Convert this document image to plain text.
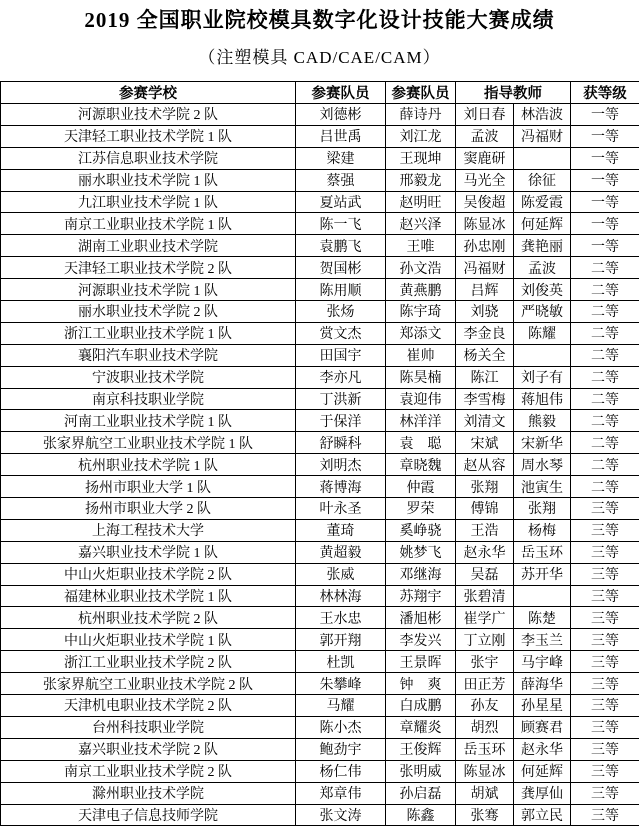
2019 全国职业院校模具数字化设计技能大赛成绩
（注塑模具 CAD/CAE/CAM）
参赛学校	参赛队员	参赛队员	指导教师		获等级
河源职业技术学院 2 队	刘德彬	薛诗丹	刘日春	林浩波	一等
天津轻工职业技术学院 1 队	吕世禹	刘江龙	孟波	冯福财	一等
江苏信息职业技术学院	梁建	王现坤	窦鹿研		一等
丽水职业技术学院 1 队	蔡强	邢毅龙	马光全	徐征	一等
九江职业技术学院 1 队	夏站武	赵明旺	吴俊超	陈爱霞	一等
南京工业职业技术学院 1 队	陈一飞	赵兴泽	陈显冰	何延辉	一等
湖南工业职业技术学院	袁鹏飞	王唯	孙忠刚	龚艳丽	一等
天津轻工职业技术学院 2 队	贺国彬	孙文浩	冯福财	孟波	二等
河源职业技术学院 1 队	陈用顺	黄燕鹏	吕辉	刘俊英	二等
丽水职业技术学院 2 队	张炀	陈宇琦	刘骁	严晓敏	二等
浙江工业职业技术学院 1 队	赏文杰	郑添文	李金良	陈耀	二等
襄阳汽车职业技术学院	田国宇	崔帅	杨关全		二等
宁波职业技术学院	李亦凡	陈昊楠	陈江	刘子有	二等
南京科技职业学院	丁洪新	袁迎伟	李雪梅	蒋旭伟	二等
河南工业职业技术学院 1 队	于保洋	林洋洋	刘清文	熊毅	二等
张家界航空工业职业技术学院 1 队	舒瞬科	袁　聪	宋斌	宋新华	二等
杭州职业技术学院 1 队	刘明杰	章晓魏	赵从容	周水琴	二等
扬州市职业大学 1 队	蒋博海	仲霞	张翔	池寅生	二等
扬州市职业大学 2 队	叶永圣	罗荣	傅锦	张翔	三等
上海工程技术大学	董琦	奚峥骁	王浩	杨梅	三等
嘉兴职业技术学院 1 队	黄超毅	姚梦飞	赵永华	岳玉环	三等
中山火炬职业技术学院 2 队	张威	邓继海	吴磊	苏开华	三等
福建林业职业技术学院 1 队	林林海	苏翔宇	张碧清		三等
杭州职业技术学院 2 队	王水忠	潘旭彬	崔学广	陈楚	三等
中山火炬职业技术学院 1 队	郭开翔	李发兴	丁立刚	李玉兰	三等
浙江工业职业技术学院 2 队	杜凯	王景晖	张宇	马宇峰	三等
张家界航空工业职业技术学院 2 队	朱攀峰	钟　爽	田正芳	薛海华	三等
天津机电职业技术学院 2 队	马耀	白成鹏	孙友	孙星星	三等
台州科技职业学院	陈小杰	章耀炎	胡烈	顾赛君	三等
嘉兴职业技术学院 2 队	鲍劲宇	王俊辉	岳玉环	赵永华	三等
南京工业职业技术学院 2 队	杨仁伟	张明威	陈显冰	何延辉	三等
滁州职业技术学院	郑章伟	孙启磊	胡斌	龚厚仙	三等
天津电子信息技师学院	张文涛	陈鑫	张骞	郭立民	三等
